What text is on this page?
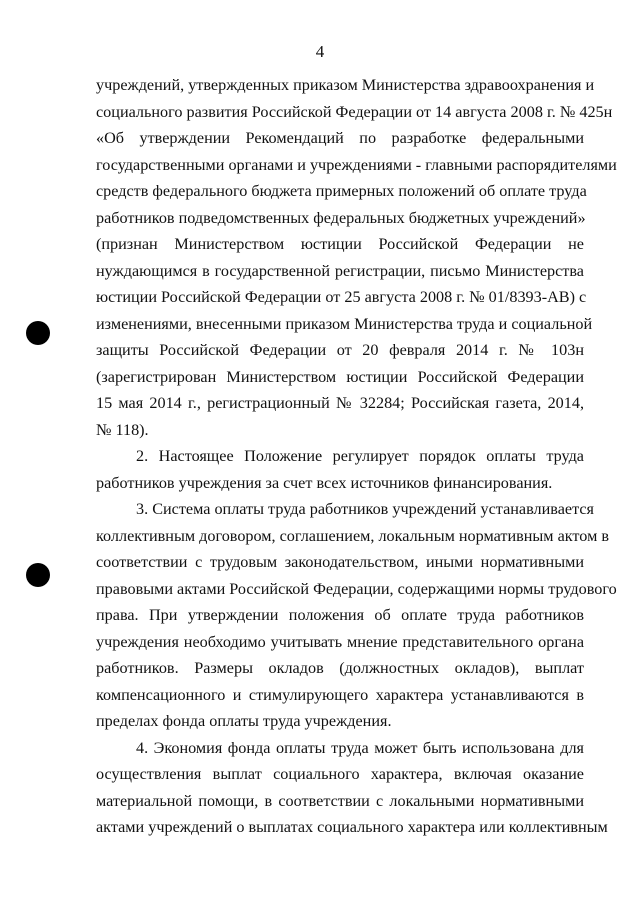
4
учреждений, утвержденных приказом Министерства здравоохранения и
социального развития Российской Федерации от 14 августа 2008 г. № 425н
«Об утверждении Рекомендаций по разработке федеральными
государственными органами и учреждениями - главными распорядителями
средств федерального бюджета примерных положений об оплате труда
работников подведомственных федеральных бюджетных учреждений»
(признан Министерством юстиции Российской Федерации не
нуждающимся в государственной регистрации, письмо Министерства
юстиции Российской Федерации от 25 августа 2008 г. № 01/8393-АВ) с
изменениями, внесенными приказом Министерства труда и социальной
защиты Российской Федерации от 20 февраля 2014 г. № 103н
(зарегистрирован Министерством юстиции Российской Федерации
15 мая 2014 г., регистрационный № 32284; Российская газета, 2014,
№ 118).
2. Настоящее Положение регулирует порядок оплаты труда
работников учреждения за счет всех источников финансирования.
3. Система оплаты труда работников учреждений устанавливается
коллективным договором, соглашением, локальным нормативным актом в
соответствии с трудовым законодательством, иными нормативными
правовыми актами Российской Федерации, содержащими нормы трудового
права. При утверждении положения об оплате труда работников
учреждения необходимо учитывать мнение представительного органа
работников. Размеры окладов (должностных окладов), выплат
компенсационного и стимулирующего характера устанавливаются в
пределах фонда оплаты труда учреждения.
4. Экономия фонда оплаты труда может быть использована для
осуществления выплат социального характера, включая оказание
материальной помощи, в соответствии с локальными нормативными
актами учреждений о выплатах социального характера или коллективным
